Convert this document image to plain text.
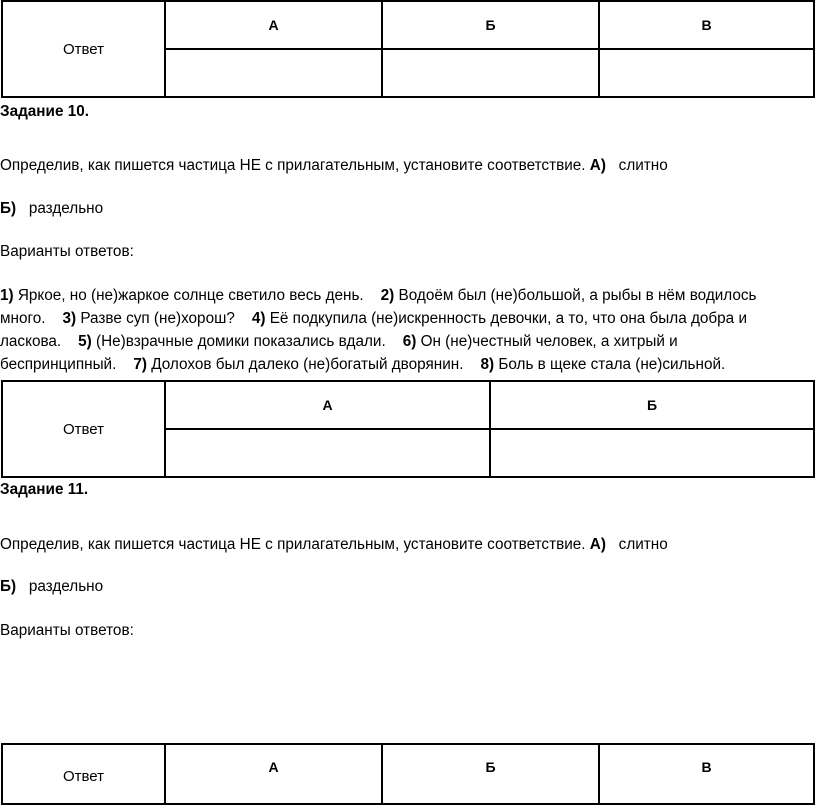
Ответ	А	Б	В

Задание 10.
Определив, как пишется частица НЕ с прилагательным, установите соответствие. А) слитно
Б) раздельно
Варианты ответов:
1) Яркое, но (не)жаркое солнце светило весь день. 2) Водоём был (не)большой, а рыбы в нём водилось
много. 3) Разве суп (не)хорош? 4) Её подкупила (не)искренность девочки, а то, что она была добра и
ласкова. 5) (Не)взрачные домики показались вдали. 6) Он (не)честный человек, а хитрый и
беспринципный. 7) Долохов был далеко (не)богатый дворянин. 8) Боль в щеке стала (не)сильной.
Ответ	А	Б

Задание 11.
Определив, как пишется частица НЕ с прилагательным, установите соответствие. А) слитно
Б) раздельно
Варианты ответов:
Ответ	А	Б	В
